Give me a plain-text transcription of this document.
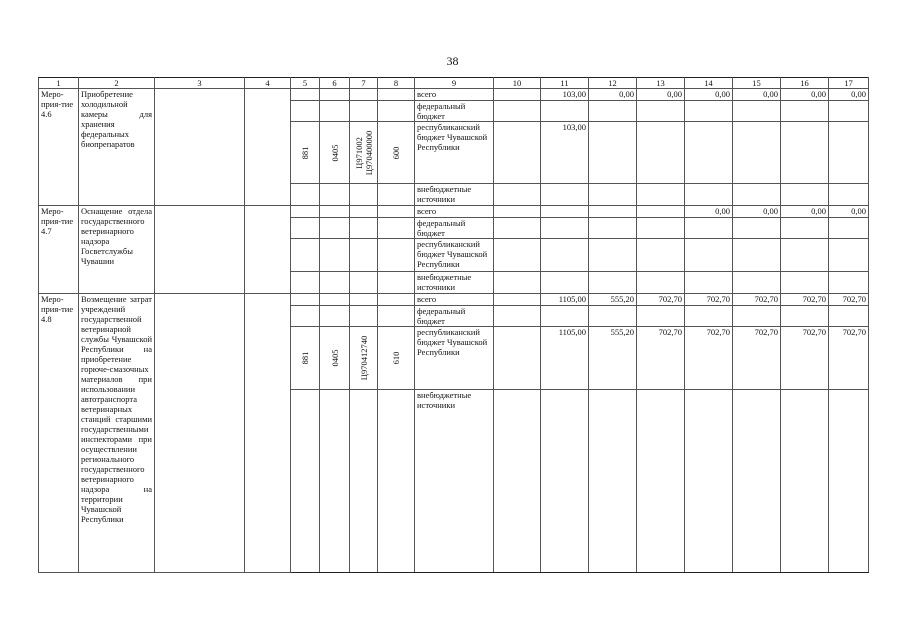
38
1	2	3	4	5	6	7	8	9	10	11	12	13	14	15	16	17
Меро-прия-тие 4.6	Приобретение холодильной камеры для хранения федеральных биопрепаратов							всего		103,00	0,00	0,00	0,00	0,00	0,00	0,00
								федеральный бюджет								

				881	0405	Ц971002 Ц970400000	600	республиканский бюджет Чувашской Республики		103,00						
								внебюджетные источники								
Меро-прия-тие 4.7	Оснащение отдела государственного ветеринарного надзора Госветслужбы Чувашии							всего					0,00	0,00	0,00	0,00
								федеральный бюджет								
								республиканский бюджет Чувашской Республики								
								внебюджетные источники								
Меро-прия-тие 4.8	Возмещение затрат учреждений государственной ветеринарной службы Чувашской Республики на приобретение горюче-смазочных материалов при использовании автотранспорта ветеринарных станций старшими государственными инспекторами при осуществлении регионального государственного ветеринарного надзора на территории Чувашской Республики							всего		1105,00	555,20	702,70	702,70	702,70	702,70	702,70
								федеральный бюджет								

				881	0405	Ц970412740	610	республиканский бюджет Чувашской Республики		1105,00	555,20	702,70	702,70	702,70	702,70	702,70
								внебюджетные источники								
